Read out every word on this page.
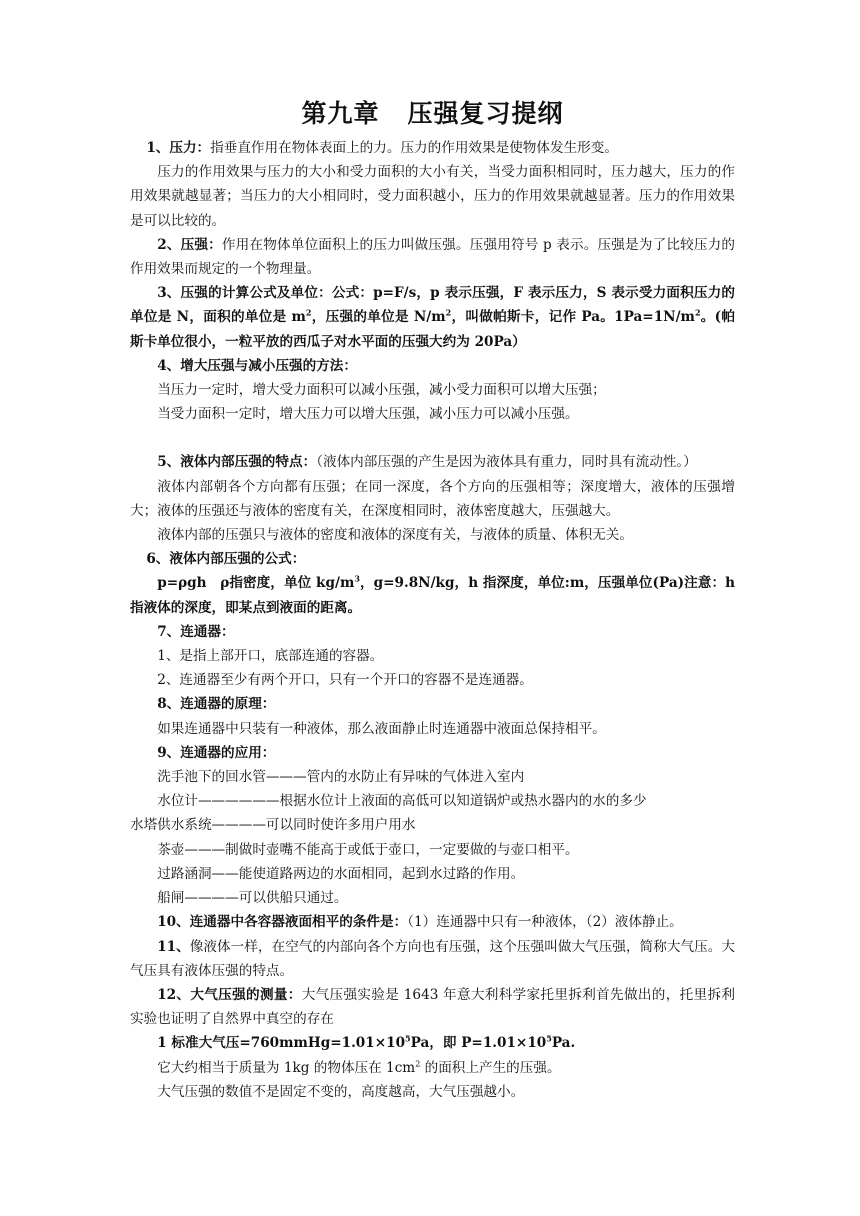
第九章 压强复习提纲

1、压力：指垂直作用在物体表面上的力。压力的作用效果是使物体发生形变。

压力的作用效果与压力的大小和受力面积的大小有关，当受力面积相同时，压力越大，压力的作用效果就越显著；当压力的大小相同时，受力面积越小，压力的作用效果就越显著。压力的作用效果是可以比较的。

2、压强：作用在物体单位面积上的压力叫做压强。压强用符号 p 表示。压强是为了比较压力的作用效果而规定的一个物理量。

3、压强的计算公式及单位：公式：p=F/s，p 表示压强，F 表示压力，S 表示受力面积压力的单位是 N，面积的单位是 $m^2$，压强的单位是 $N/m^2$，叫做帕斯卡，记作 Pa。$1Pa=1N/m^2$。(帕斯卡单位很小，一粒平放的西瓜子对水平面的压强大约为 20Pa）

4、增大压强与减小压强的方法：

当压力一定时，增大受力面积可以减小压强，减小受力面积可以增大压强；

当受力面积一定时，增大压力可以增大压强，减小压力可以减小压强。

5、液体内部压强的特点：（液体内部压强的产生是因为液体具有重力，同时具有流动性。）

液体内部朝各个方向都有压强；在同一深度，各个方向的压强相等；深度增大，液体的压强增大；液体的压强还与液体的密度有关，在深度相同时，液体密度越大，压强越大。

液体内部的压强只与液体的密度和液体的深度有关，与液体的质量、体积无关。

6、液体内部压强的公式：

p=ρgh　ρ指密度，单位 $kg/m^3$，g=9.8N/kg，h 指深度，单位:m，压强单位(Pa)注意：h 指液体的深度，即某点到液面的距离。

7、连通器：

1、是指上部开口，底部连通的容器。

2、连通器至少有两个开口，只有一个开口的容器不是连通器。

8、连通器的原理：

如果连通器中只装有一种液体，那么液面静止时连通器中液面总保持相平。

9、连通器的应用：

洗手池下的回水管———管内的水防止有异味的气体进入室内

水位计——————根据水位计上液面的高低可以知道锅炉或热水器内的水的多少

水塔供水系统————可以同时使许多用户用水

茶壶———制做时壶嘴不能高于或低于壶口，一定要做的与壶口相平。

过路涵洞——能使道路两边的水面相同，起到水过路的作用。

船闸————可以供船只通过。

10、连通器中各容器液面相平的条件是：（1）连通器中只有一种液体，（2）液体静止。

11、像液体一样，在空气的内部向各个方向也有压强，这个压强叫做大气压强，简称大气压。大气压具有液体压强的特点。

12、大气压强的测量：大气压强实验是 1643 年意大利科学家托里拆利首先做出的，托里拆利实验也证明了自然界中真空的存在

1 标准大气压$=760mmHg=1.01\times 10^5Pa$，即 $P=1.01\times 10^5Pa$.

它大约相当于质量为 1kg 的物体压在 $1cm^2$ 的面积上产生的压强。

大气压强的数值不是固定不变的，高度越高，大气压强越小。
